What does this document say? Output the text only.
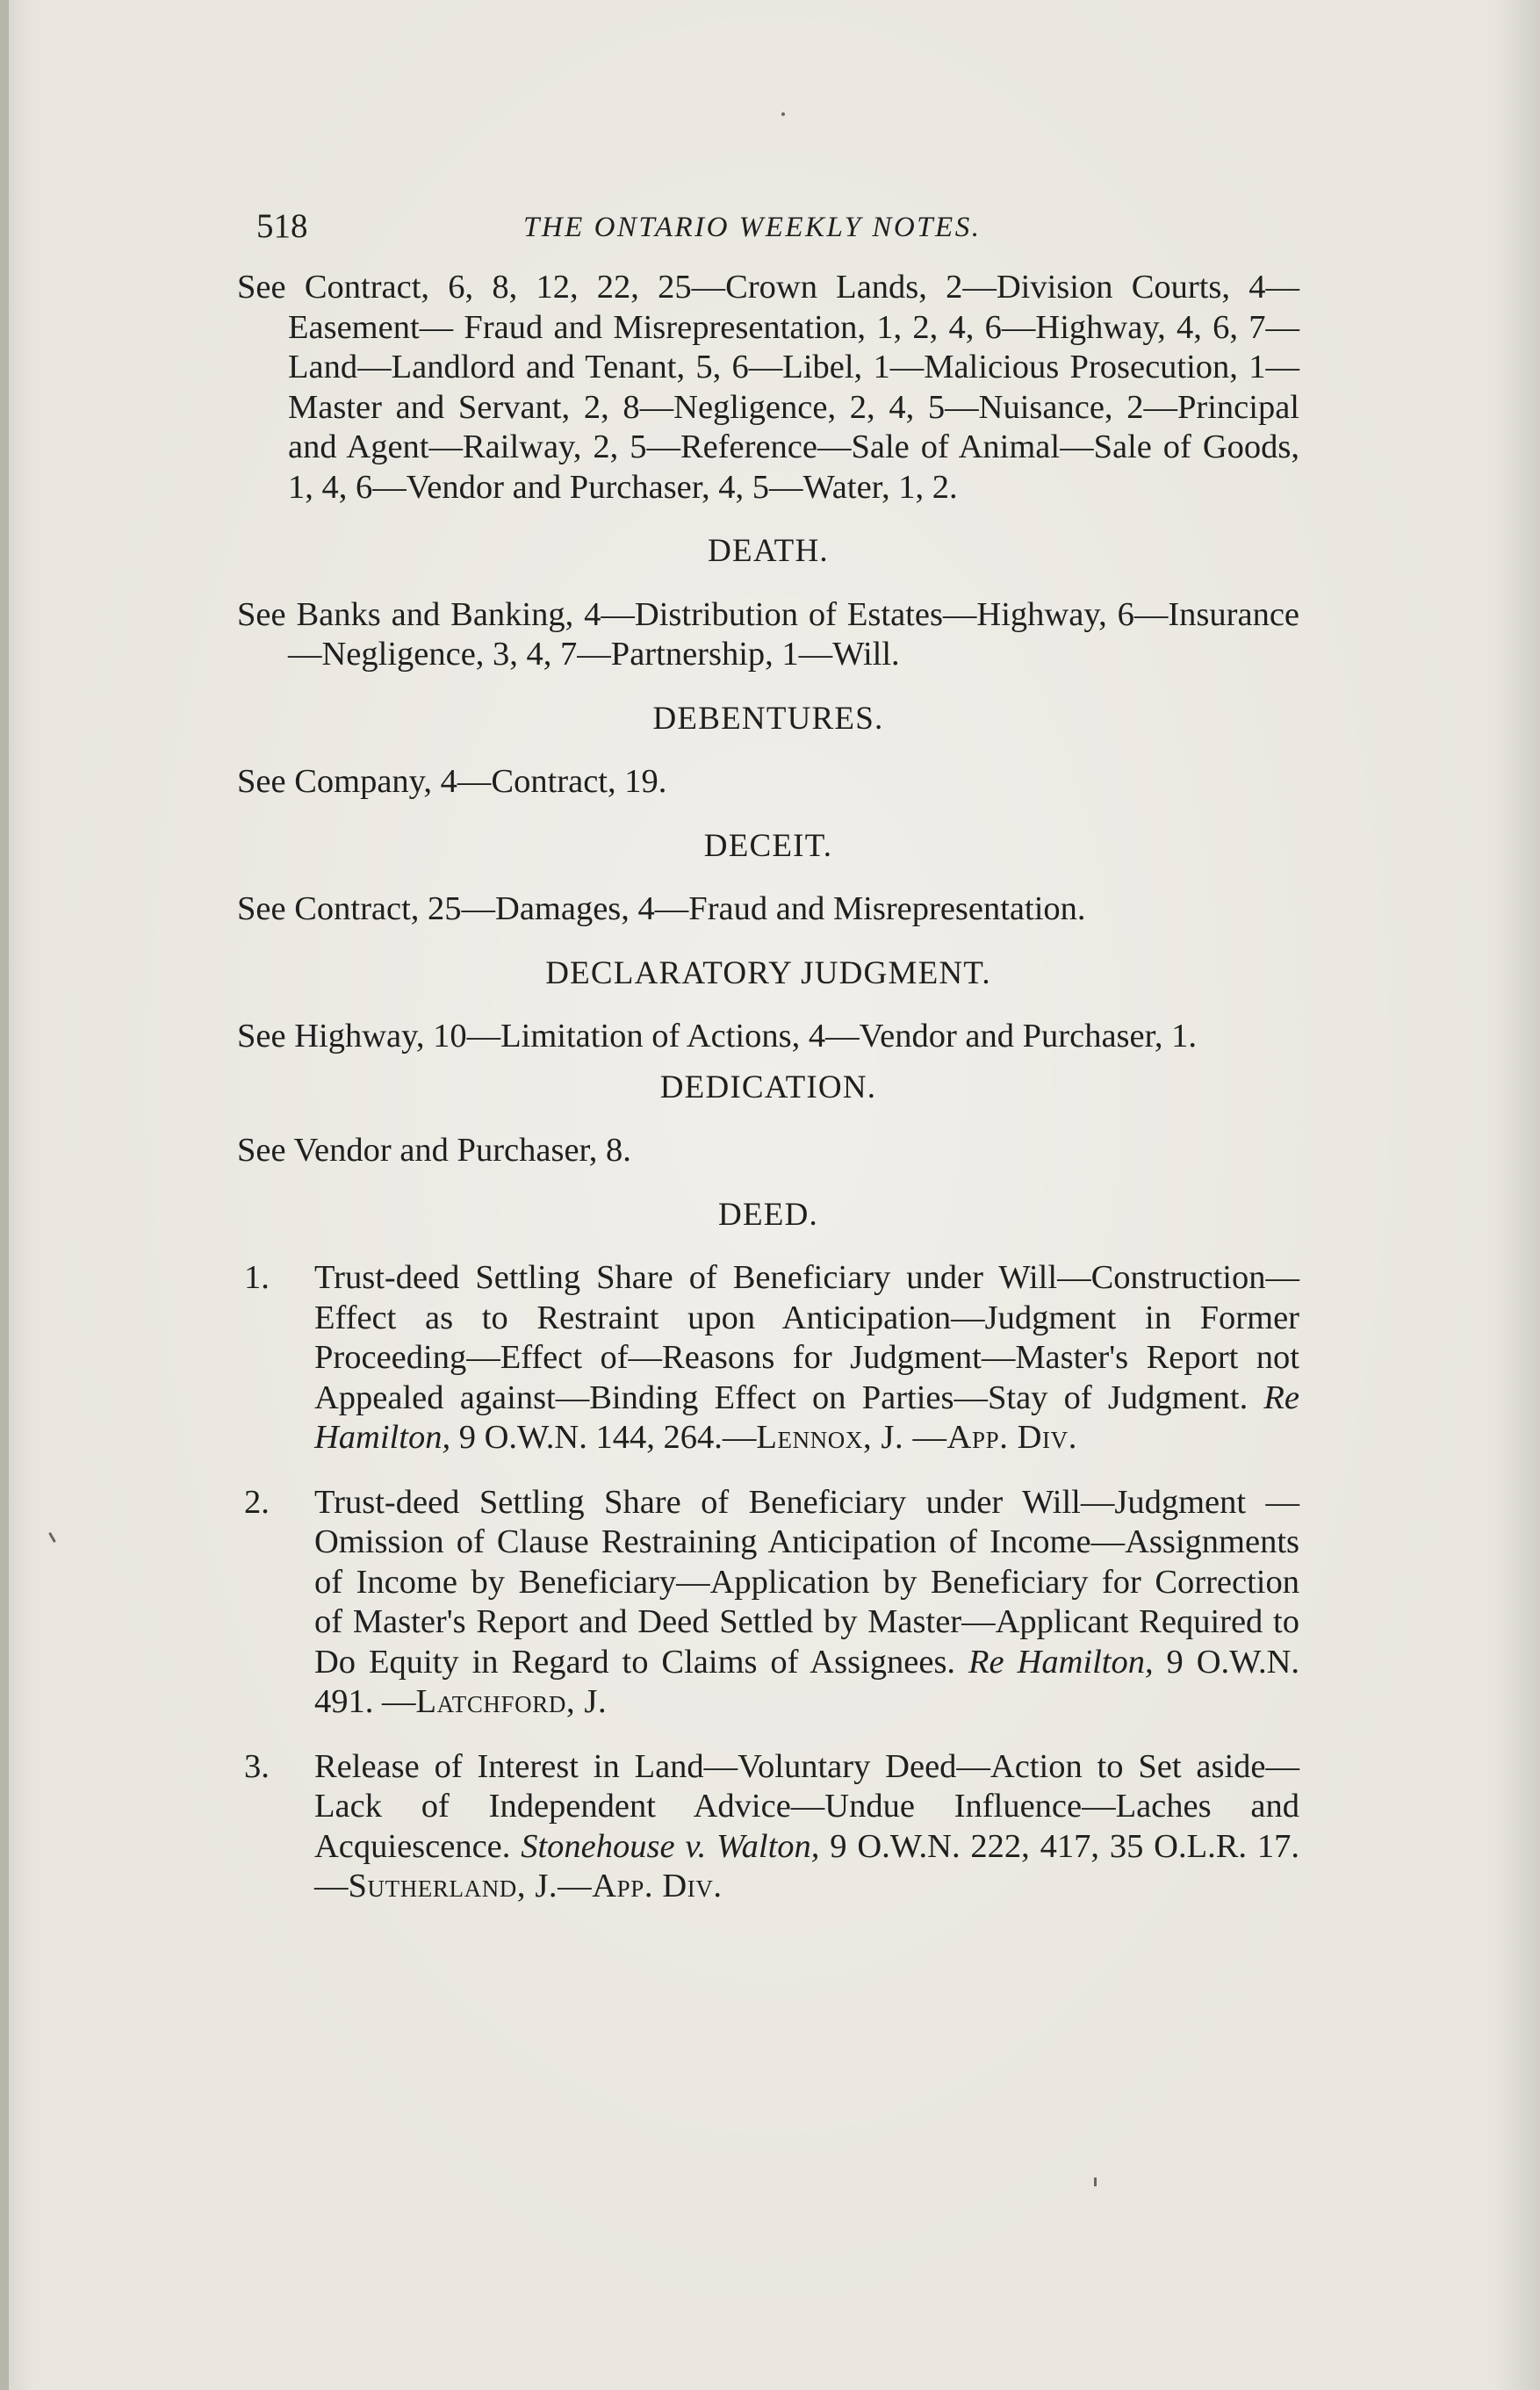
518	THE ONTARIO WEEKLY NOTES.

See Contract, 6, 8, 12, 22, 25—Crown Lands, 2—Division Courts, 4—Easement— Fraud and Misrepresentation, 1, 2, 4, 6—Highway, 4, 6, 7—Land—Landlord and Tenant, 5, 6—Libel, 1—Malicious Prosecution, 1—Master and Servant, 2, 8—Negligence, 2, 4, 5—Nuisance, 2—Principal and Agent—Railway, 2, 5—Reference—Sale of Animal—Sale of Goods, 1, 4, 6—Vendor and Purchaser, 4, 5—Water, 1, 2.

DEATH.

See Banks and Banking, 4—Distribution of Estates—Highway, 6—Insurance—Negligence, 3, 4, 7—Partnership, 1—Will.

DEBENTURES.

See Company, 4—Contract, 19.

DECEIT.

See Contract, 25—Damages, 4—Fraud and Misrepresentation.

DECLARATORY JUDGMENT.

See Highway, 10—Limitation of Actions, 4—Vendor and Purchaser, 1.

DEDICATION.

See Vendor and Purchaser, 8.

DEED.
1. Trust-deed Settling Share of Beneficiary under Will—Construction—Effect as to Restraint upon Anticipation—Judgment in Former Proceeding—Effect of—Reasons for Judgment—Master's Report not Appealed against—Binding Effect on Parties—Stay of Judgment. Re Hamilton, 9 O.W.N. 144, 264.—Lennox, J. —App. Div.
2. Trust-deed Settling Share of Beneficiary under Will—Judgment —Omission of Clause Restraining Anticipation of Income—Assignments of Income by Beneficiary—Application by Beneficiary for Correction of Master's Report and Deed Settled by Master—Applicant Required to Do Equity in Regard to Claims of Assignees. Re Hamilton, 9 O.W.N. 491. —Latchford, J.
3. Release of Interest in Land—Voluntary Deed—Action to Set aside—Lack of Independent Advice—Undue Influence—Laches and Acquiescence. Stonehouse v. Walton, 9 O.W.N. 222, 417, 35 O.L.R. 17.—Sutherland, J.—App. Div.
